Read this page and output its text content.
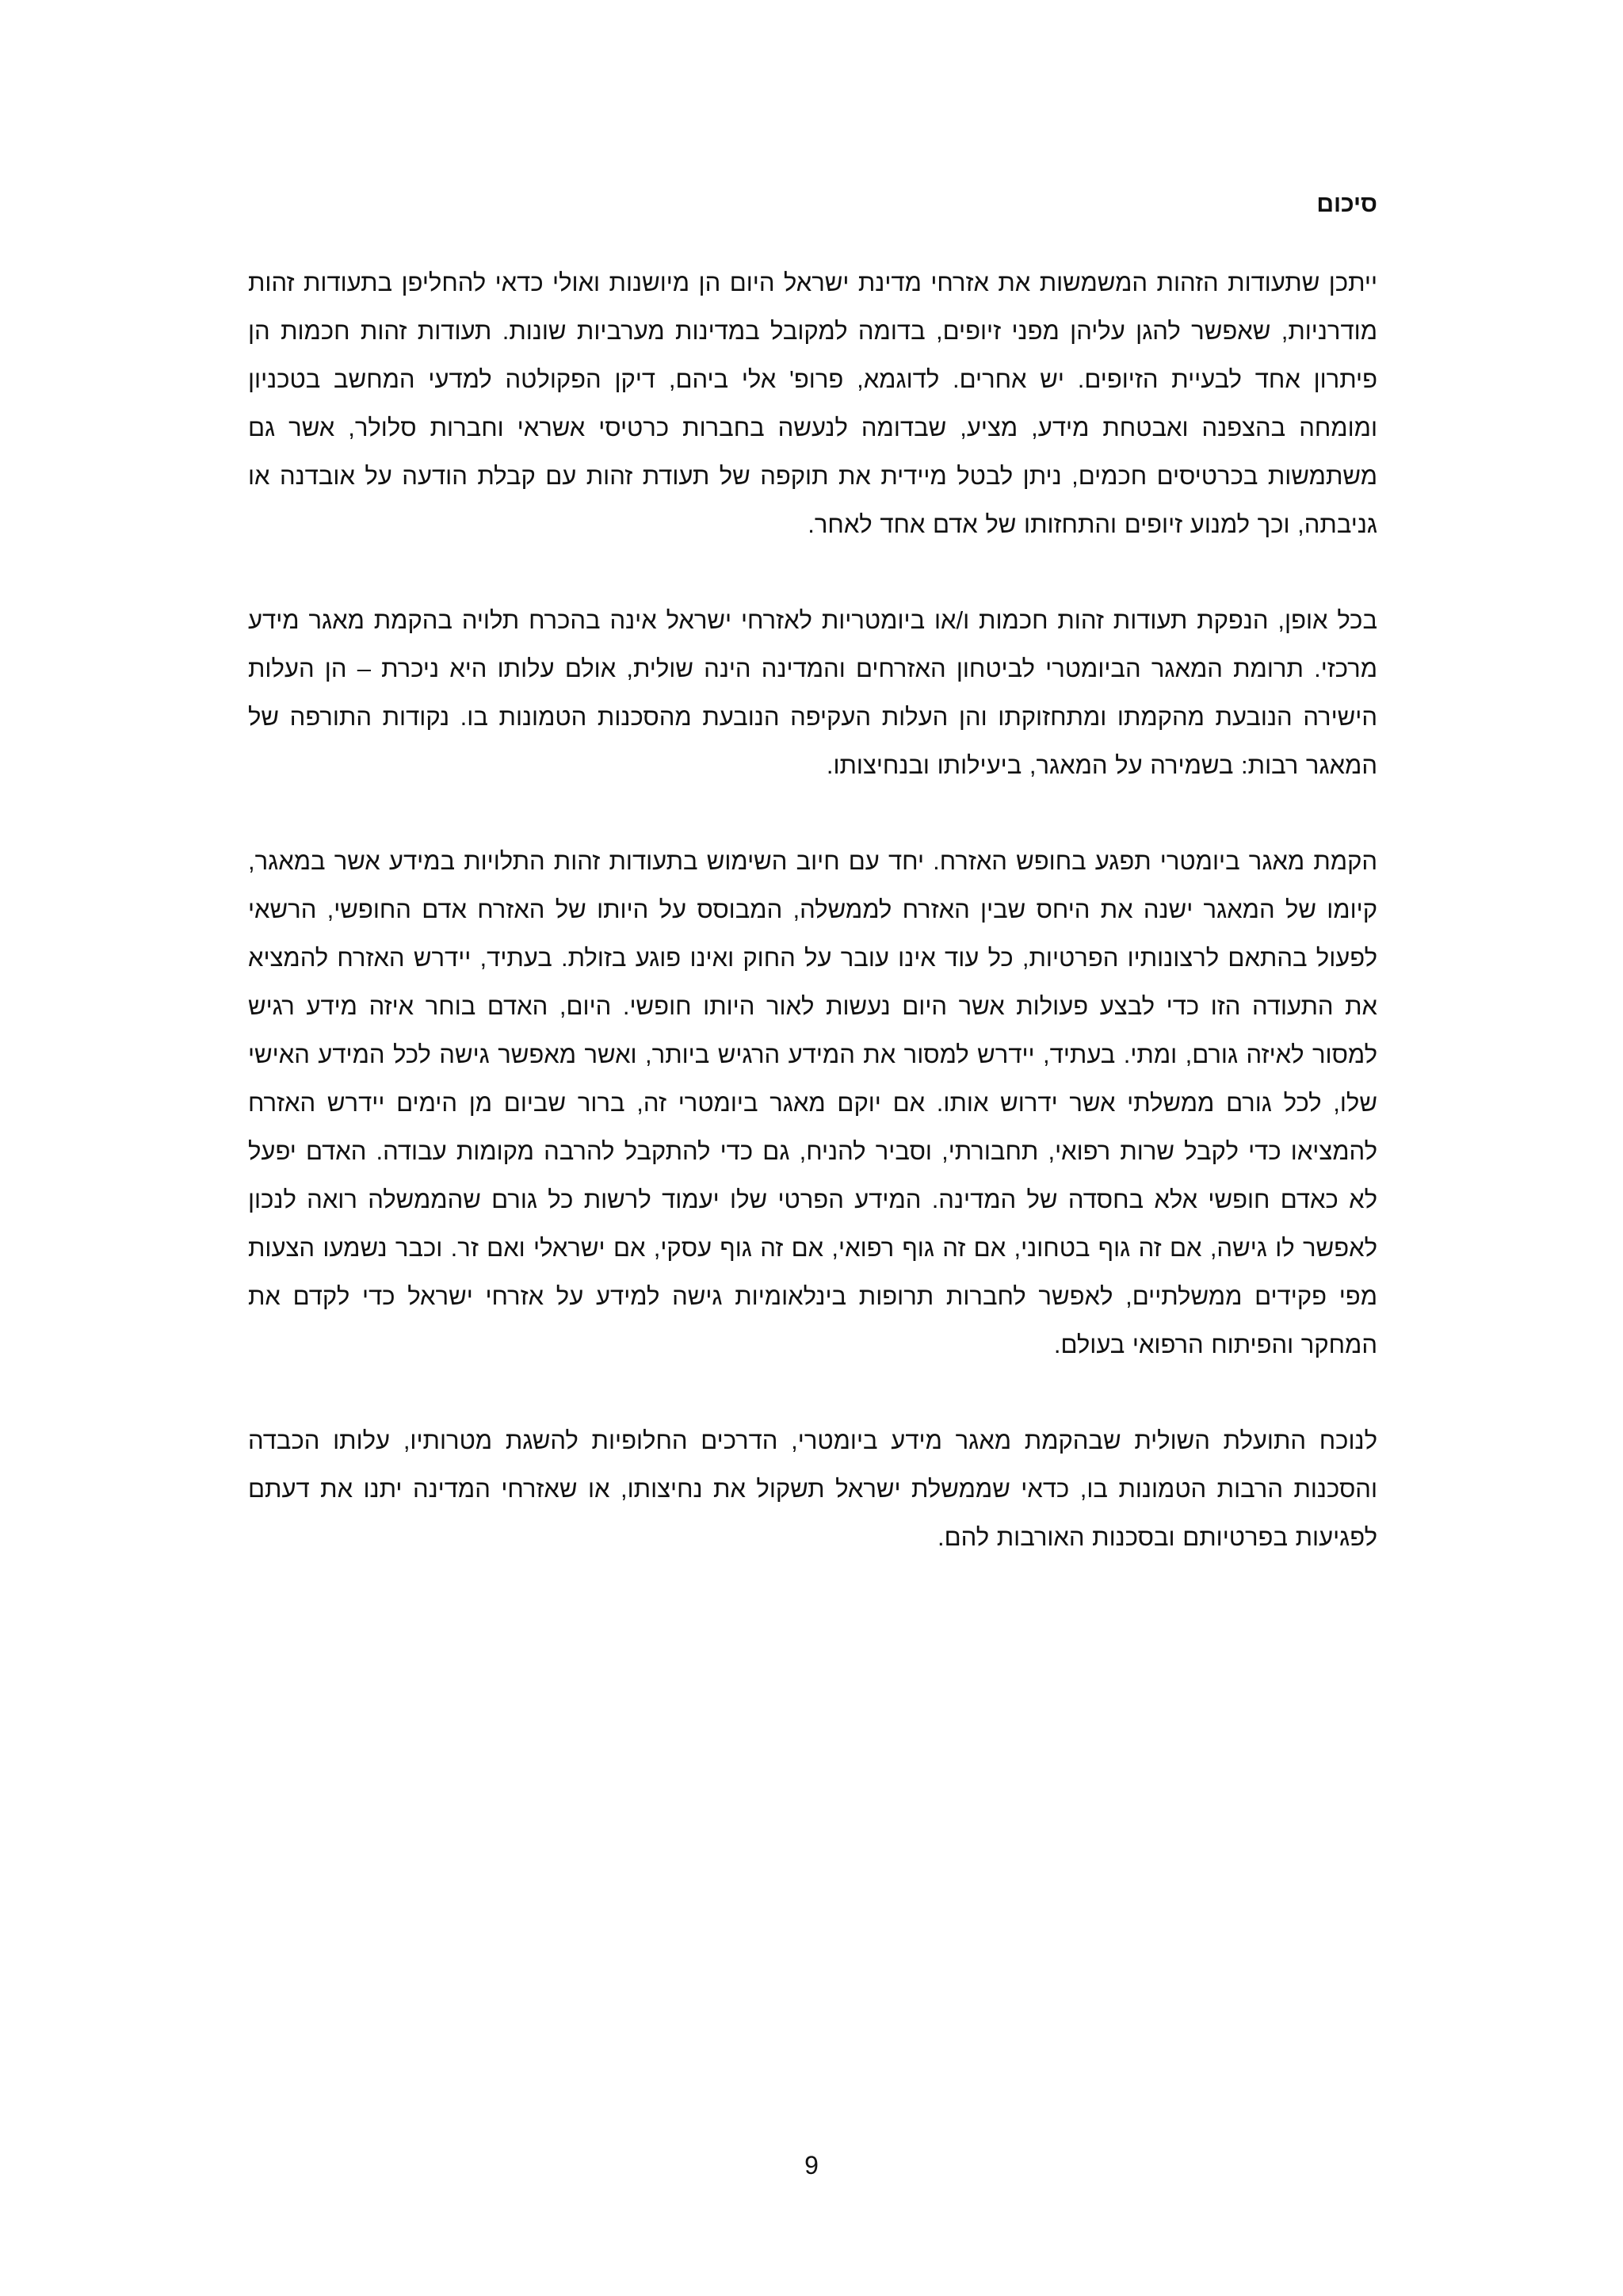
סיכום

ייתכן שתעודות הזהות המשמשות את אזרחי מדינת ישראל היום הן מיושנות ואולי כדאי להחליפן בתעודות זהות מודרניות, שאפשר להגן עליהן מפני זיופים, בדומה למקובל במדינות מערביות שונות. תעודות זהות חכמות הן פיתרון אחד לבעיית הזיופים. יש אחרים. לדוגמא, פרופ' אלי ביהם, דיקן הפקולטה למדעי המחשב בטכניון ומומחה בהצפנה ואבטחת מידע, מציע, שבדומה לנעשה בחברות כרטיסי אשראי וחברות סלולר, אשר גם משתמשות בכרטיסים חכמים, ניתן לבטל מיידית את תוקפה של תעודת זהות עם קבלת הודעה על אובדנה או גניבתה, וכך למנוע זיופים והתחזותו של אדם אחד לאחר.

בכל אופן, הנפקת תעודות זהות חכמות ו/או ביומטריות לאזרחי ישראל אינה בהכרח תלויה בהקמת מאגר מידע מרכזי. תרומת המאגר הביומטרי לביטחון האזרחים והמדינה הינה שולית, אולם עלותו היא ניכרת – הן העלות הישירה הנובעת מהקמתו ומתחזוקתו והן העלות העקיפה הנובעת מהסכנות הטמונות בו. נקודות התורפה של המאגר רבות: בשמירה על המאגר, ביעילותו ובנחיצותו.

הקמת מאגר ביומטרי תפגע בחופש האזרח. יחד עם חיוב השימוש בתעודות זהות התלויות במידע אשר במאגר, קיומו של המאגר ישנה את היחס שבין האזרח לממשלה, המבוסס על היותו של האזרח אדם החופשי, הרשאי לפעול בהתאם לרצונותיו הפרטיות, כל עוד אינו עובר על החוק ואינו פוגע בזולת. בעתיד, יידרש האזרח להמציא את התעודה הזו כדי לבצע פעולות אשר היום נעשות לאור היותו חופשי. היום, האדם בוחר איזה מידע רגיש למסור לאיזה גורם, ומתי. בעתיד, יידרש למסור את המידע הרגיש ביותר, ואשר מאפשר גישה לכל המידע האישי שלו, לכל גורם ממשלתי אשר ידרוש אותו. אם יוקם מאגר ביומטרי זה, ברור שביום מן הימים יידרש האזרח להמציאו כדי לקבל שרות רפואי, תחבורתי, וסביר להניח, גם כדי להתקבל להרבה מקומות עבודה. האדם יפעל לא כאדם חופשי אלא בחסדה של המדינה. המידע הפרטי שלו יעמוד לרשות כל גורם שהממשלה רואה לנכון לאפשר לו גישה, אם זה גוף בטחוני, אם זה גוף רפואי, אם זה גוף עסקי, אם ישראלי ואם זר. וכבר נשמעו הצעות מפי פקידים ממשלתיים, לאפשר לחברות תרופות בינלאומיות גישה למידע על אזרחי ישראל כדי לקדם את המחקר והפיתוח הרפואי בעולם.

לנוכח התועלת השולית שבהקמת מאגר מידע ביומטרי, הדרכים החלופיות להשגת מטרותיו, עלותו הכבדה והסכנות הרבות הטמונות בו, כדאי שממשלת ישראל תשקול את נחיצותו, או שאזרחי המדינה יתנו את דעתם לפגיעות בפרטיותם ובסכנות האורבות להם.

9
